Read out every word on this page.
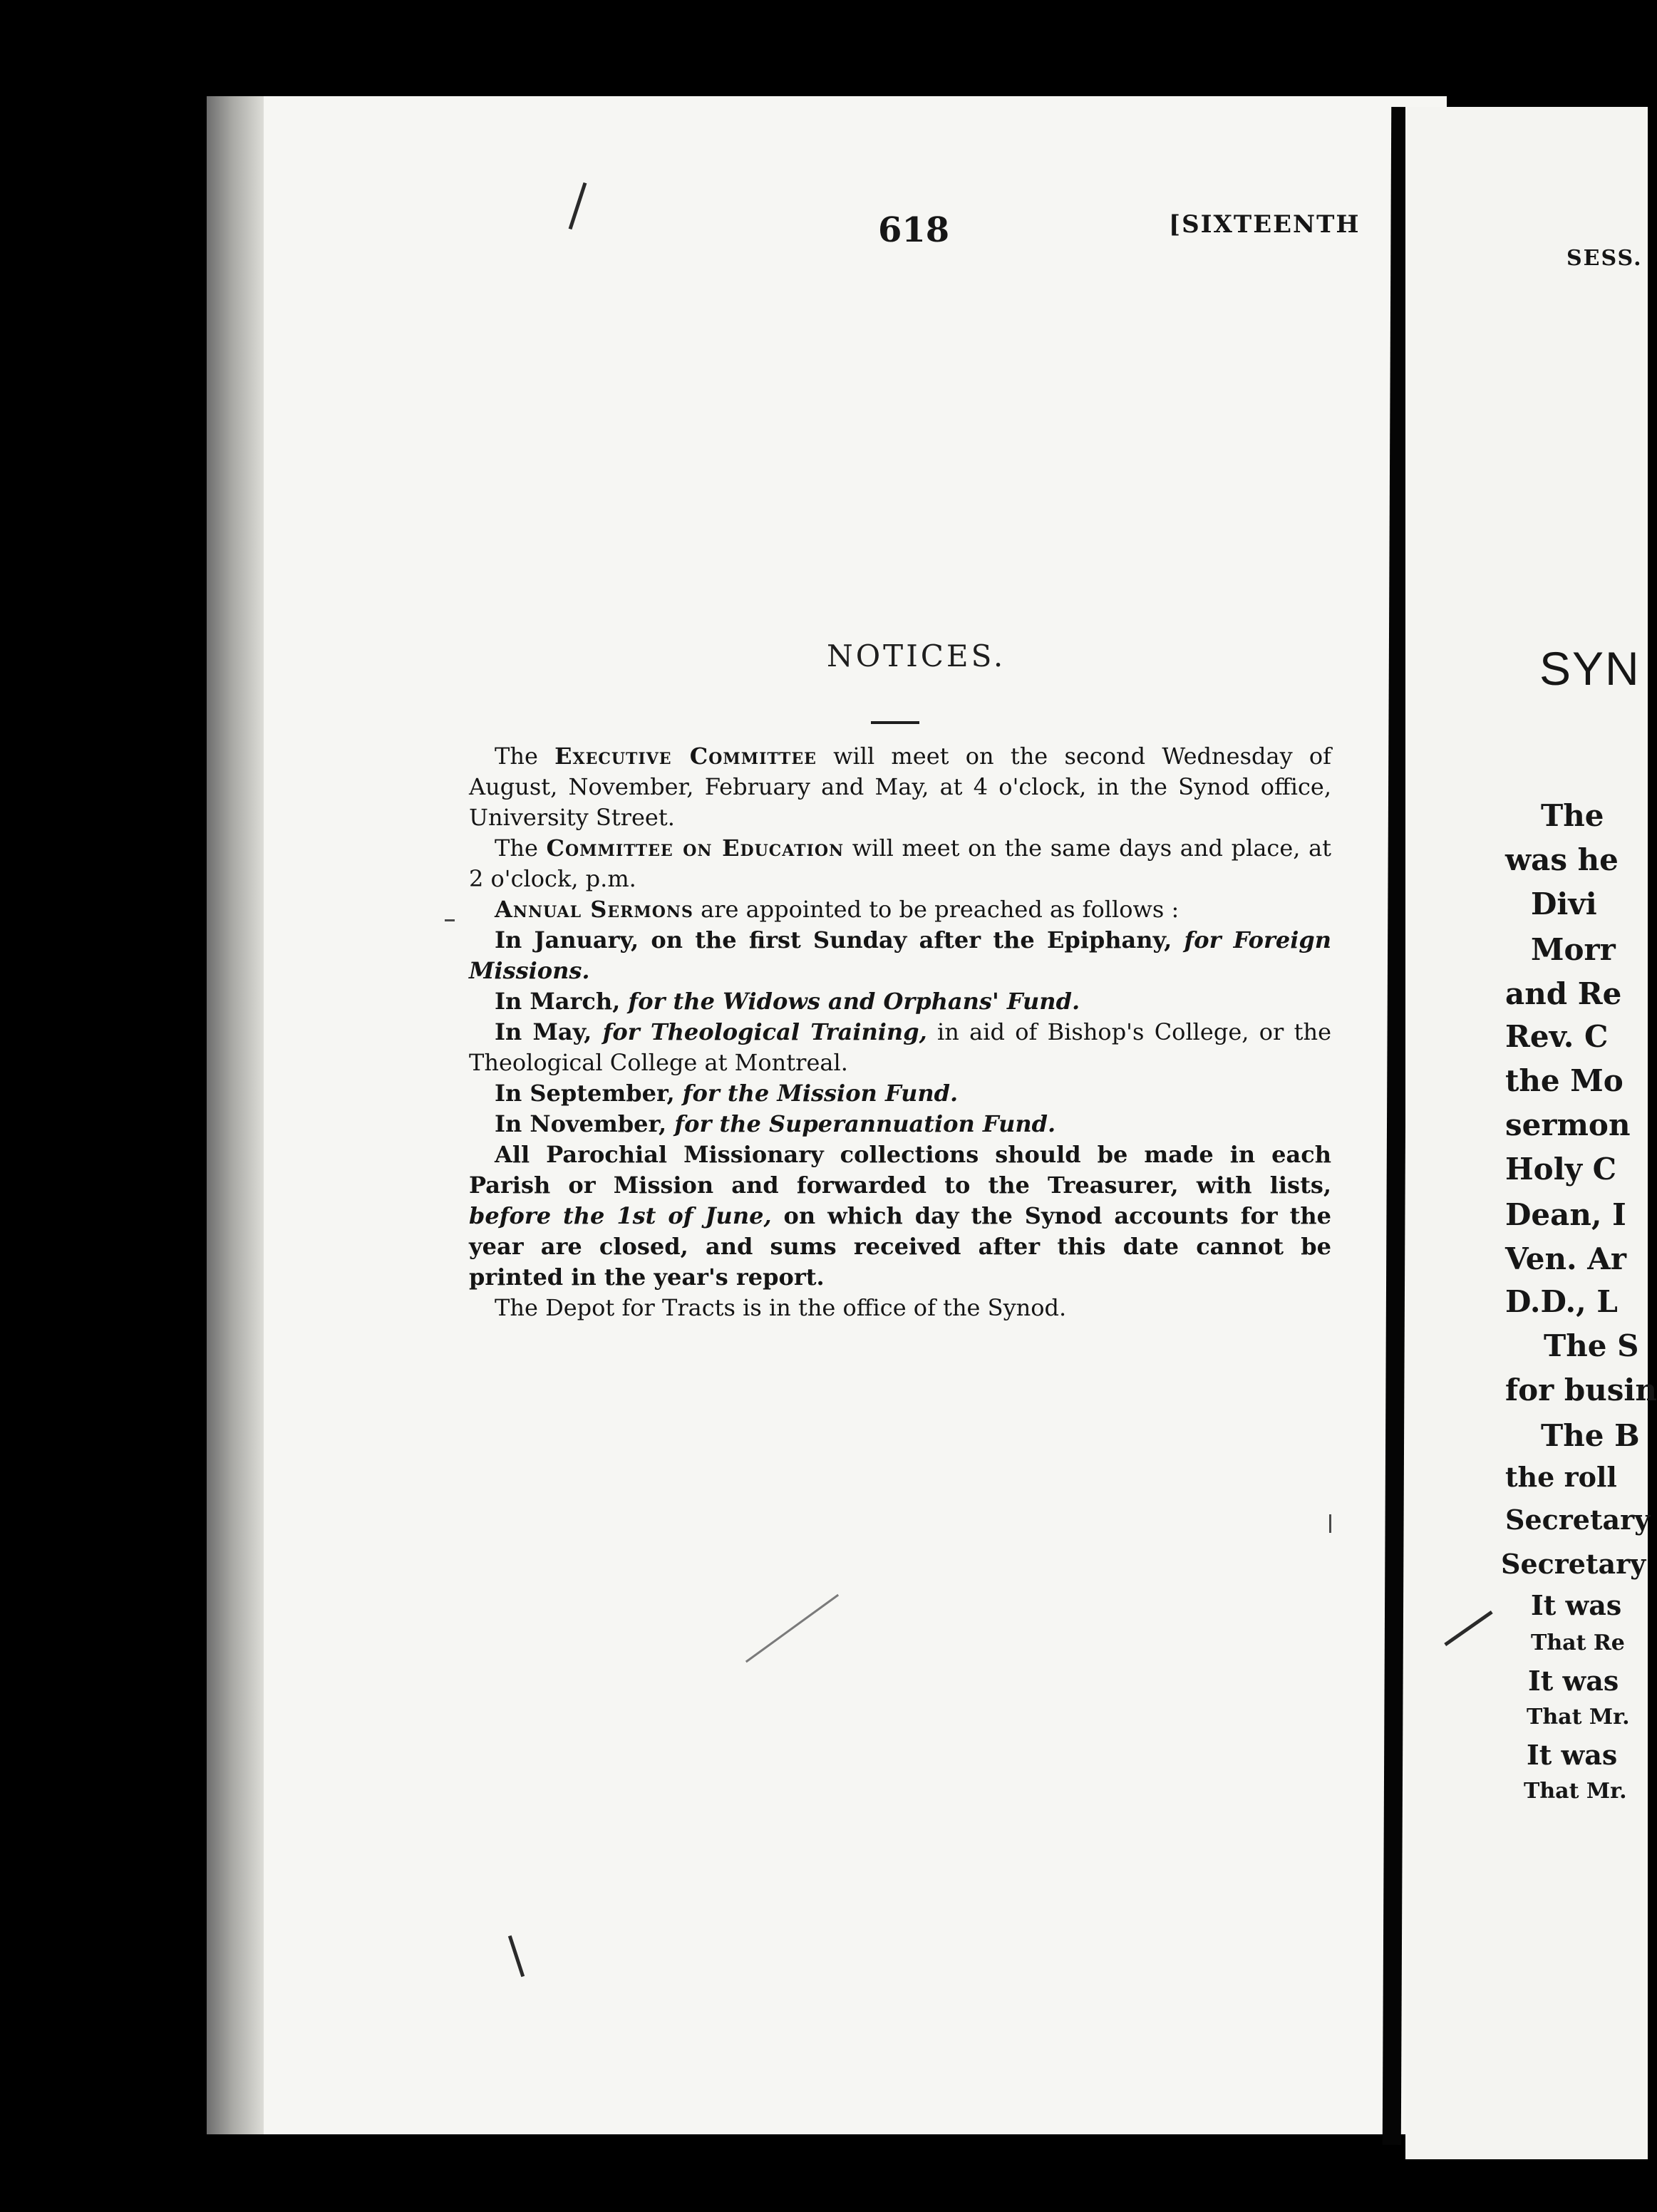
618	[SIXTEENTH
NOTICES.

The Executive Committee will meet on the second Wednesday of August, November, February and May, at 4 o'clock, in the Synod office, University Street.

The Committee on Education will meet on the same days and place, at 2 o'clock, p.m.

Annual Sermons are appointed to be preached as follows :

In January, on the first Sunday after the Epiphany, for Foreign Missions.

In March, for the Widows and Orphans' Fund.

In May, for Theological Training, in aid of Bishop's College, or the Theological College at Montreal.

In September, for the Mission Fund.

In November, for the Superannuation Fund.

All Parochial Missionary collections should be made in each Parish or Mission and forwarded to the Treasurer, with lists, before the 1st of June, on which day the Synod accounts for the year are closed, and sums received after this date cannot be printed in the year's report.

The Depot for Tracts is in the office of the Synod.

SESS.
SYN
The
was he
Divi
Morr
and Re
Rev. C
the Mo
sermon
Holy C
Dean, I
Ven. Ar
D.D., L
The S
for busin
The B
the roll
Secretary
Secretary
It was
That Re
It was
That Mr.
It was
That Mr.
